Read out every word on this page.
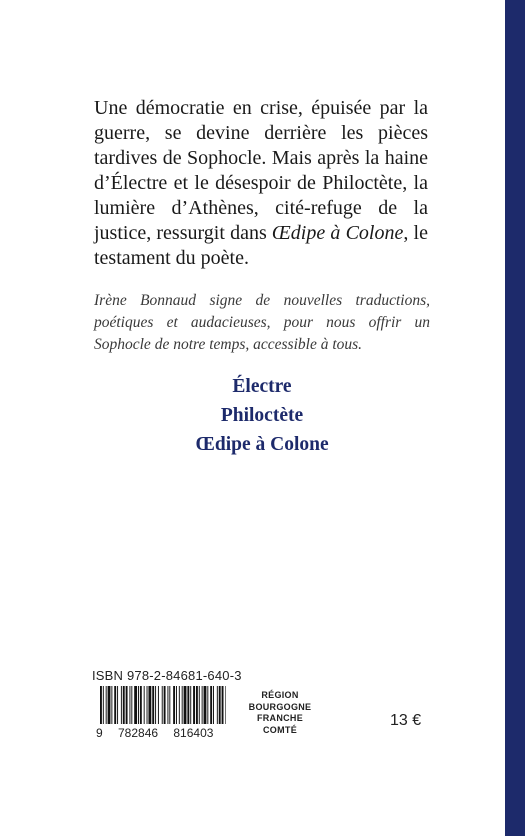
Une démocratie en crise, épuisée par la guerre, se devine derrière les pièces tardives de Sophocle. Mais après la haine d’Électre et le désespoir de Philoctète, la lumière d’Athènes, cité-refuge de la justice, ressurgit dans Œdipe à Colone, le testament du poète.

Irène Bonnaud signe de nouvelles traductions, poétiques et audacieuses, pour nous offrir un Sophocle de notre temps, accessible à tous.

Électre
Philoctète
Œdipe à Colone
ISBN 978-2-84681-640-3
9 782846 816403
RÉGION
BOURGOGNE
FRANCHE
COMTÉ
13 €
